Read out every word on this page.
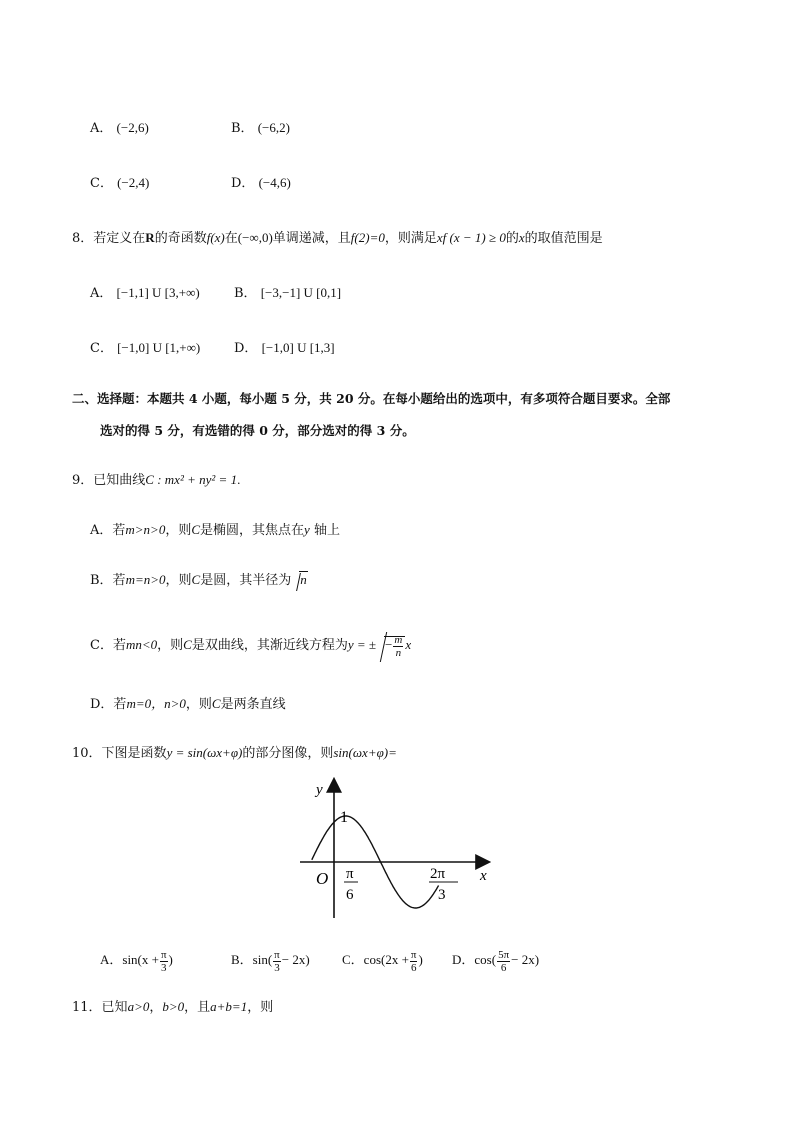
A． (−2,6)	B． (−6,2)
C． (−2,4)	D． (−4,6)
8．若定义在R的奇函数f(x)在(−∞,0)单调递减，且f(2)=0，则满足xf (x − 1) ≥ 0的x的取值范围是
A． [−1,1] U [3,+∞)	B． [−3,−1] U [0,1]
C． [−1,0] U [1,+∞)	D． [−1,0] U [1,3]
二、选择题：本题共 4 小题，每小题 5 分，共 20 分。在每小题给出的选项中，有多项符合题目要求。全部
选对的得 5 分，有选错的得 0 分，部分选对的得 3 分。
9．已知曲线C : mx² + ny² = 1.
A．若m>n>0，则C是椭圆，其焦点在y 轴上
B．若m=n>0，则C是圆，其半径为 n
C．若mn<0，则C是双曲线，其渐近线方程为y = ± − $\frac{m}{n}$ x
D．若m=0，n>0，则C是两条直线
10．下图是函数y = sin(ωx+φ)的部分图像，则sin(ωx+φ)=
y
x
O
1
π
6
2π
3
A．$\sin(x + \frac{\pi}{3}$ )	B．$\sin( \frac{\pi}{3} - 2x)$ C．$\cos(2x + \frac{\pi}{6}$ ) D．$\cos( \frac{5\pi}{6} - 2x)$
11．已知a>0，b>0，且a+b=1，则
